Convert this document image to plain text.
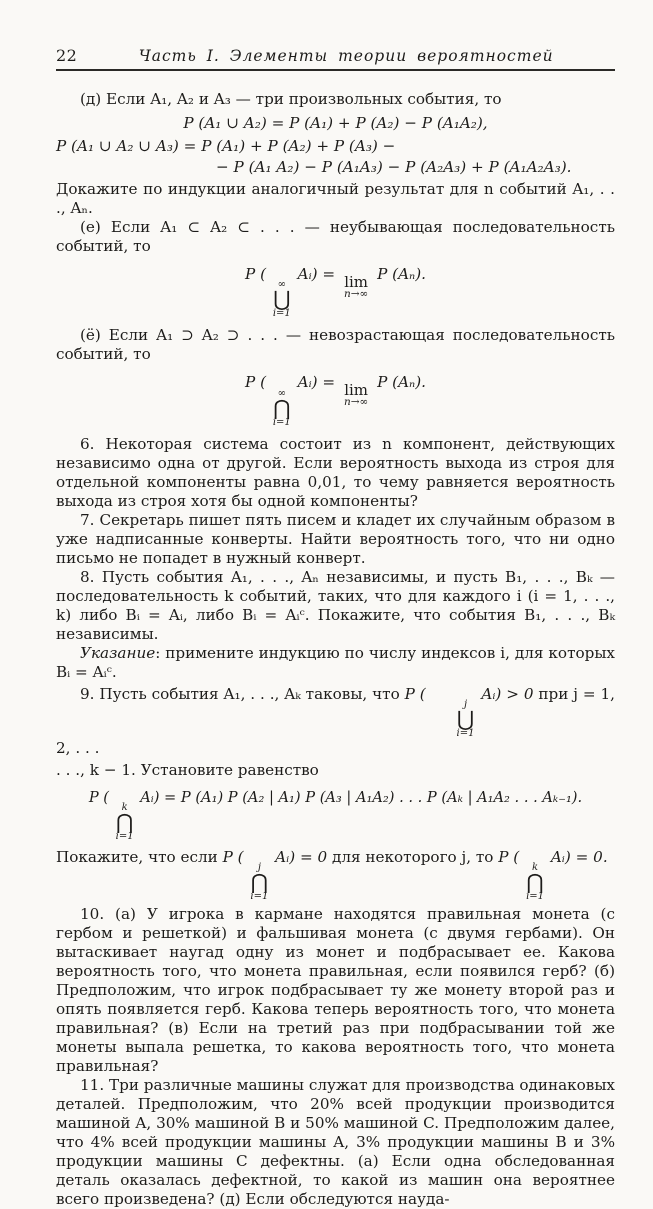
22	Часть I. Элементы теории вероятностей

(д) Если A₁, A₂ и A₃ — три произвольных события, то

P (A₁ ∪ A₂) = P (A₁) + P (A₂) − P (A₁A₂),
P (A₁ ∪ A₂ ∪ A₃) = P (A₁) + P (A₂) + P (A₃) −
− P (A₁ A₂) − P (A₁A₃) − P (A₂A₃) + P (A₁A₂A₃).

Докажите по индукции аналогичный результат для n событий A₁, . . ., Aₙ.

(е) Если A₁ ⊂ A₂ ⊂ . . . — неубывающая последовательность событий, то

P (
∞
⋃
i=1
Aᵢ) = lim
n→∞
P (Aₙ).

(ё) Если A₁ ⊃ A₂ ⊃ . . . — невозрастающая последовательность событий, то

P (
∞
⋂
i=1
Aᵢ) = lim
n→∞
P (Aₙ).

6. Некоторая система состоит из n компонент, действующих независимо одна от другой. Если вероятность выхода из строя для отдельной компоненты равна 0,01, то чему равняется вероятность выхода из строя хотя бы одной компоненты?

7. Секретарь пишет пять писем и кладет их случайным образом в уже надписанные конверты. Найти вероятность того, что ни одно письмо не попадет в нужный конверт.

8. Пусть события A₁, . . ., Aₙ независимы, и пусть B₁, . . ., Bₖ — последовательность k событий, таких, что для каждого i (i = 1, . . ., k) либо Bᵢ = Aᵢ, либо Bᵢ = Aᵢᶜ. Покажите, что события B₁, . . ., Bₖ независимы.

Указание: примените индукцию по числу индексов i, для которых Bᵢ = Aᵢᶜ.

9. Пусть события A₁, . . ., Aₖ таковы, что P (
j
⋃
i=1
Aᵢ) > 0 при j = 1, 2, . . .

. . ., k − 1. Установите равенство

P (
k
⋂
i=1
Aᵢ) = P (A₁) P (A₂ | A₁) P (A₃ | A₁A₂) . . . P (Aₖ | A₁A₂ . . . Aₖ₋₁).
Покажите, что если P (
j
⋂
i=1
Aᵢ) = 0 для некоторого j, то P (
k
⋂
i=1
Aᵢ) = 0.

10. (а) У игрока в кармане находятся правильная монета (с гербом и решеткой) и фальшивая монета (с двумя гербами). Он вытаскивает наугад одну из монет и подбрасывает ее. Какова вероятность того, что монета правильная, если появился герб? (б) Предположим, что игрок подбрасывает ту же монету второй раз и опять появляется герб. Какова теперь вероятность того, что монета правильная? (в) Если на третий раз при подбрасывании той же монеты выпала решетка, то какова вероятность того, что монета правильная?

11. Три различные машины служат для производства одинаковых деталей. Предположим, что 20% всей продукции производится машиной A, 30% машиной B и 50% машиной C. Предположим далее, что 4% всей продукции машины A, 3% продукции машины B и 3% продукции машины C дефектны. (а) Если одна обследованная деталь оказалась дефектной, то какой из машин она вероятнее всего произведена? (д) Если обследуются науда-
